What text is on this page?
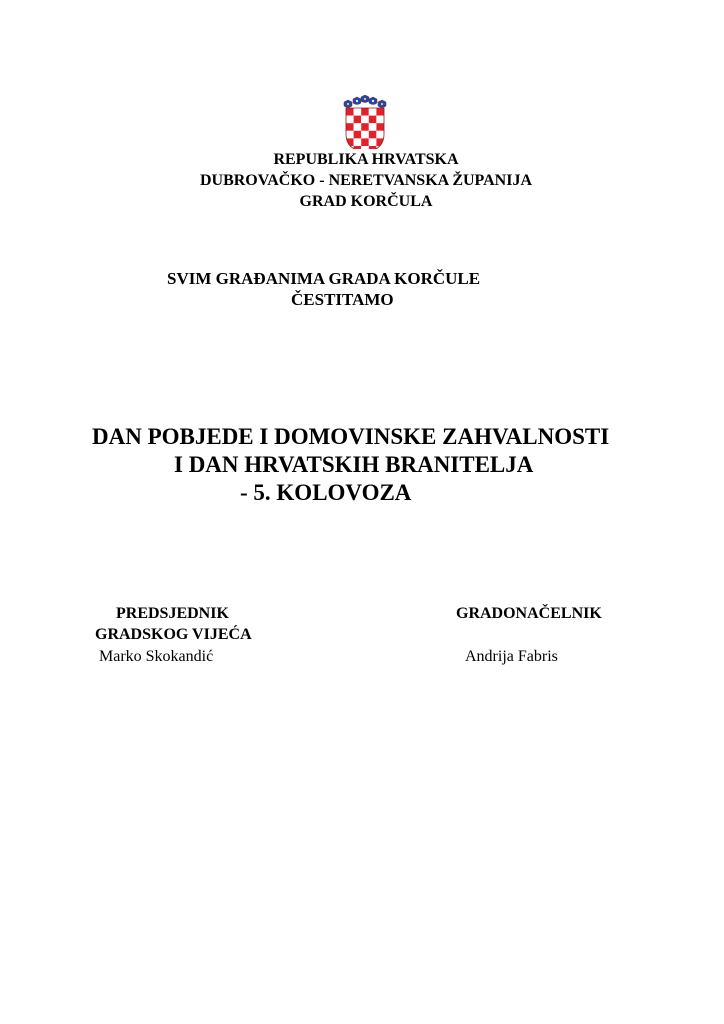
REPUBLIKA HRVATSKA
DUBROVAČKO - NERETVANSKA ŽUPANIJA
GRAD KORČULA
SVIM GRAĐANIMA GRADA KORČULE
ČESTITAMO
DAN POBJEDE I DOMOVINSKE ZAHVALNOSTI
I DAN HRVATSKIH BRANITELJA
- 5. KOLOVOZA
PREDSJEDNIK
GRADSKOG VIJEĆA
Marko Skokandić
GRADONAČELNIK
Andrija Fabris
